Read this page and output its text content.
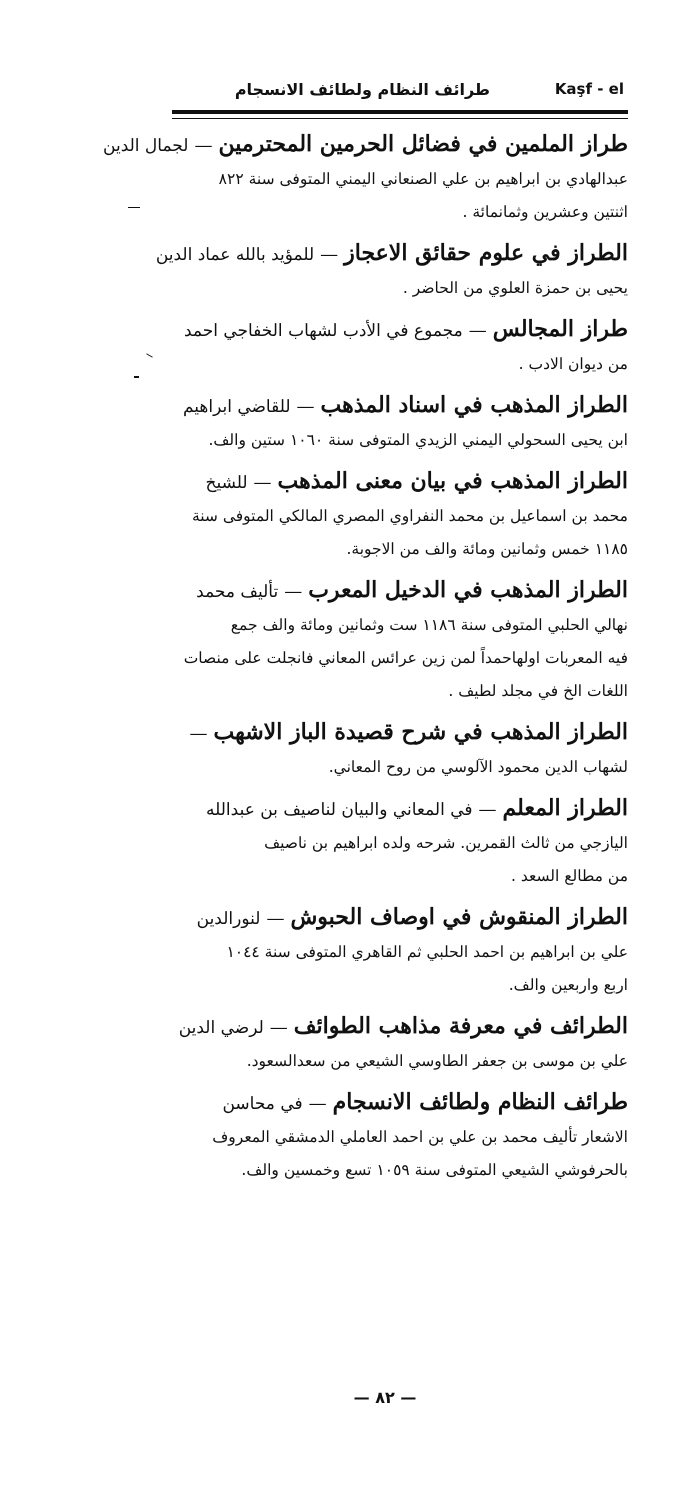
طرائف النظام ولطائف الانسجام	Kaşf - el
طراز الملمين في فضائل الحرمين المحترمين—لجمال الدين
عبدالهادي بن ابراهيم بن علي الصنعاني اليمني المتوفى سنة ٨٢٢
اثنتين وعشرين وثمانمائة .
الطراز في علوم حقائق الاعجاز—للمؤيد بالله عماد الدين
يحيى بن حمزة العلوي من الحاضر .
طراز المجالس—مجموع في الأدب لشهاب الخفاجي احمد
من ديوان الادب .
الطراز المذهب في اسناد المذهب—للقاضي ابراهيم
ابن يحيى السحولي اليمني الزيدي المتوفى سنة ١٠٦٠ ستين والف.
الطراز المذهب في بيان معنى المذهب—للشيخ
محمد بن اسماعيل بن محمد النفراوي المصري المالكي المتوفى سنة
١١٨٥ خمس وثمانين ومائة والف من الاجوبة.
الطراز المذهب في الدخيل المعرب—تأليف محمد
نهالي الحلبي المتوفى سنة ١١٨٦ ست وثمانين ومائة والف جمع
فيه المعربات اولهاحمداً لمن زين عرائس المعاني فانجلت على منصات
اللغات الخ في مجلد لطيف .
الطراز المذهب في شرح قصيدة الباز الاشهب—
لشهاب الدين محمود الآلوسي من روح المعاني.
الطراز المعلم—في المعاني والبيان لناصيف بن عبدالله
اليازجي من ثالث القمرين. شرحه ولده ابراهيم بن ناصيف
من مطالع السعد .
الطراز المنقوش في اوصاف الحبوش—لنورالدين
علي بن ابراهيم بن احمد الحلبي ثم القاهري المتوفى سنة ١٠٤٤
اربع واربعين والف.
الطرائف في معرفة مذاهب الطوائف—لرضي الدين
علي بن موسى بن جعفر الطاوسي الشيعي من سعدالسعود.
طرائف النظام ولطائف الانسجام—في محاسن
الاشعار تأليف محمد بن علي بن احمد العاملي الدمشقي المعروف
بالحرفوشي الشيعي المتوفى سنة ١٠٥٩ تسع وخمسين والف.
— ٨٢ —
